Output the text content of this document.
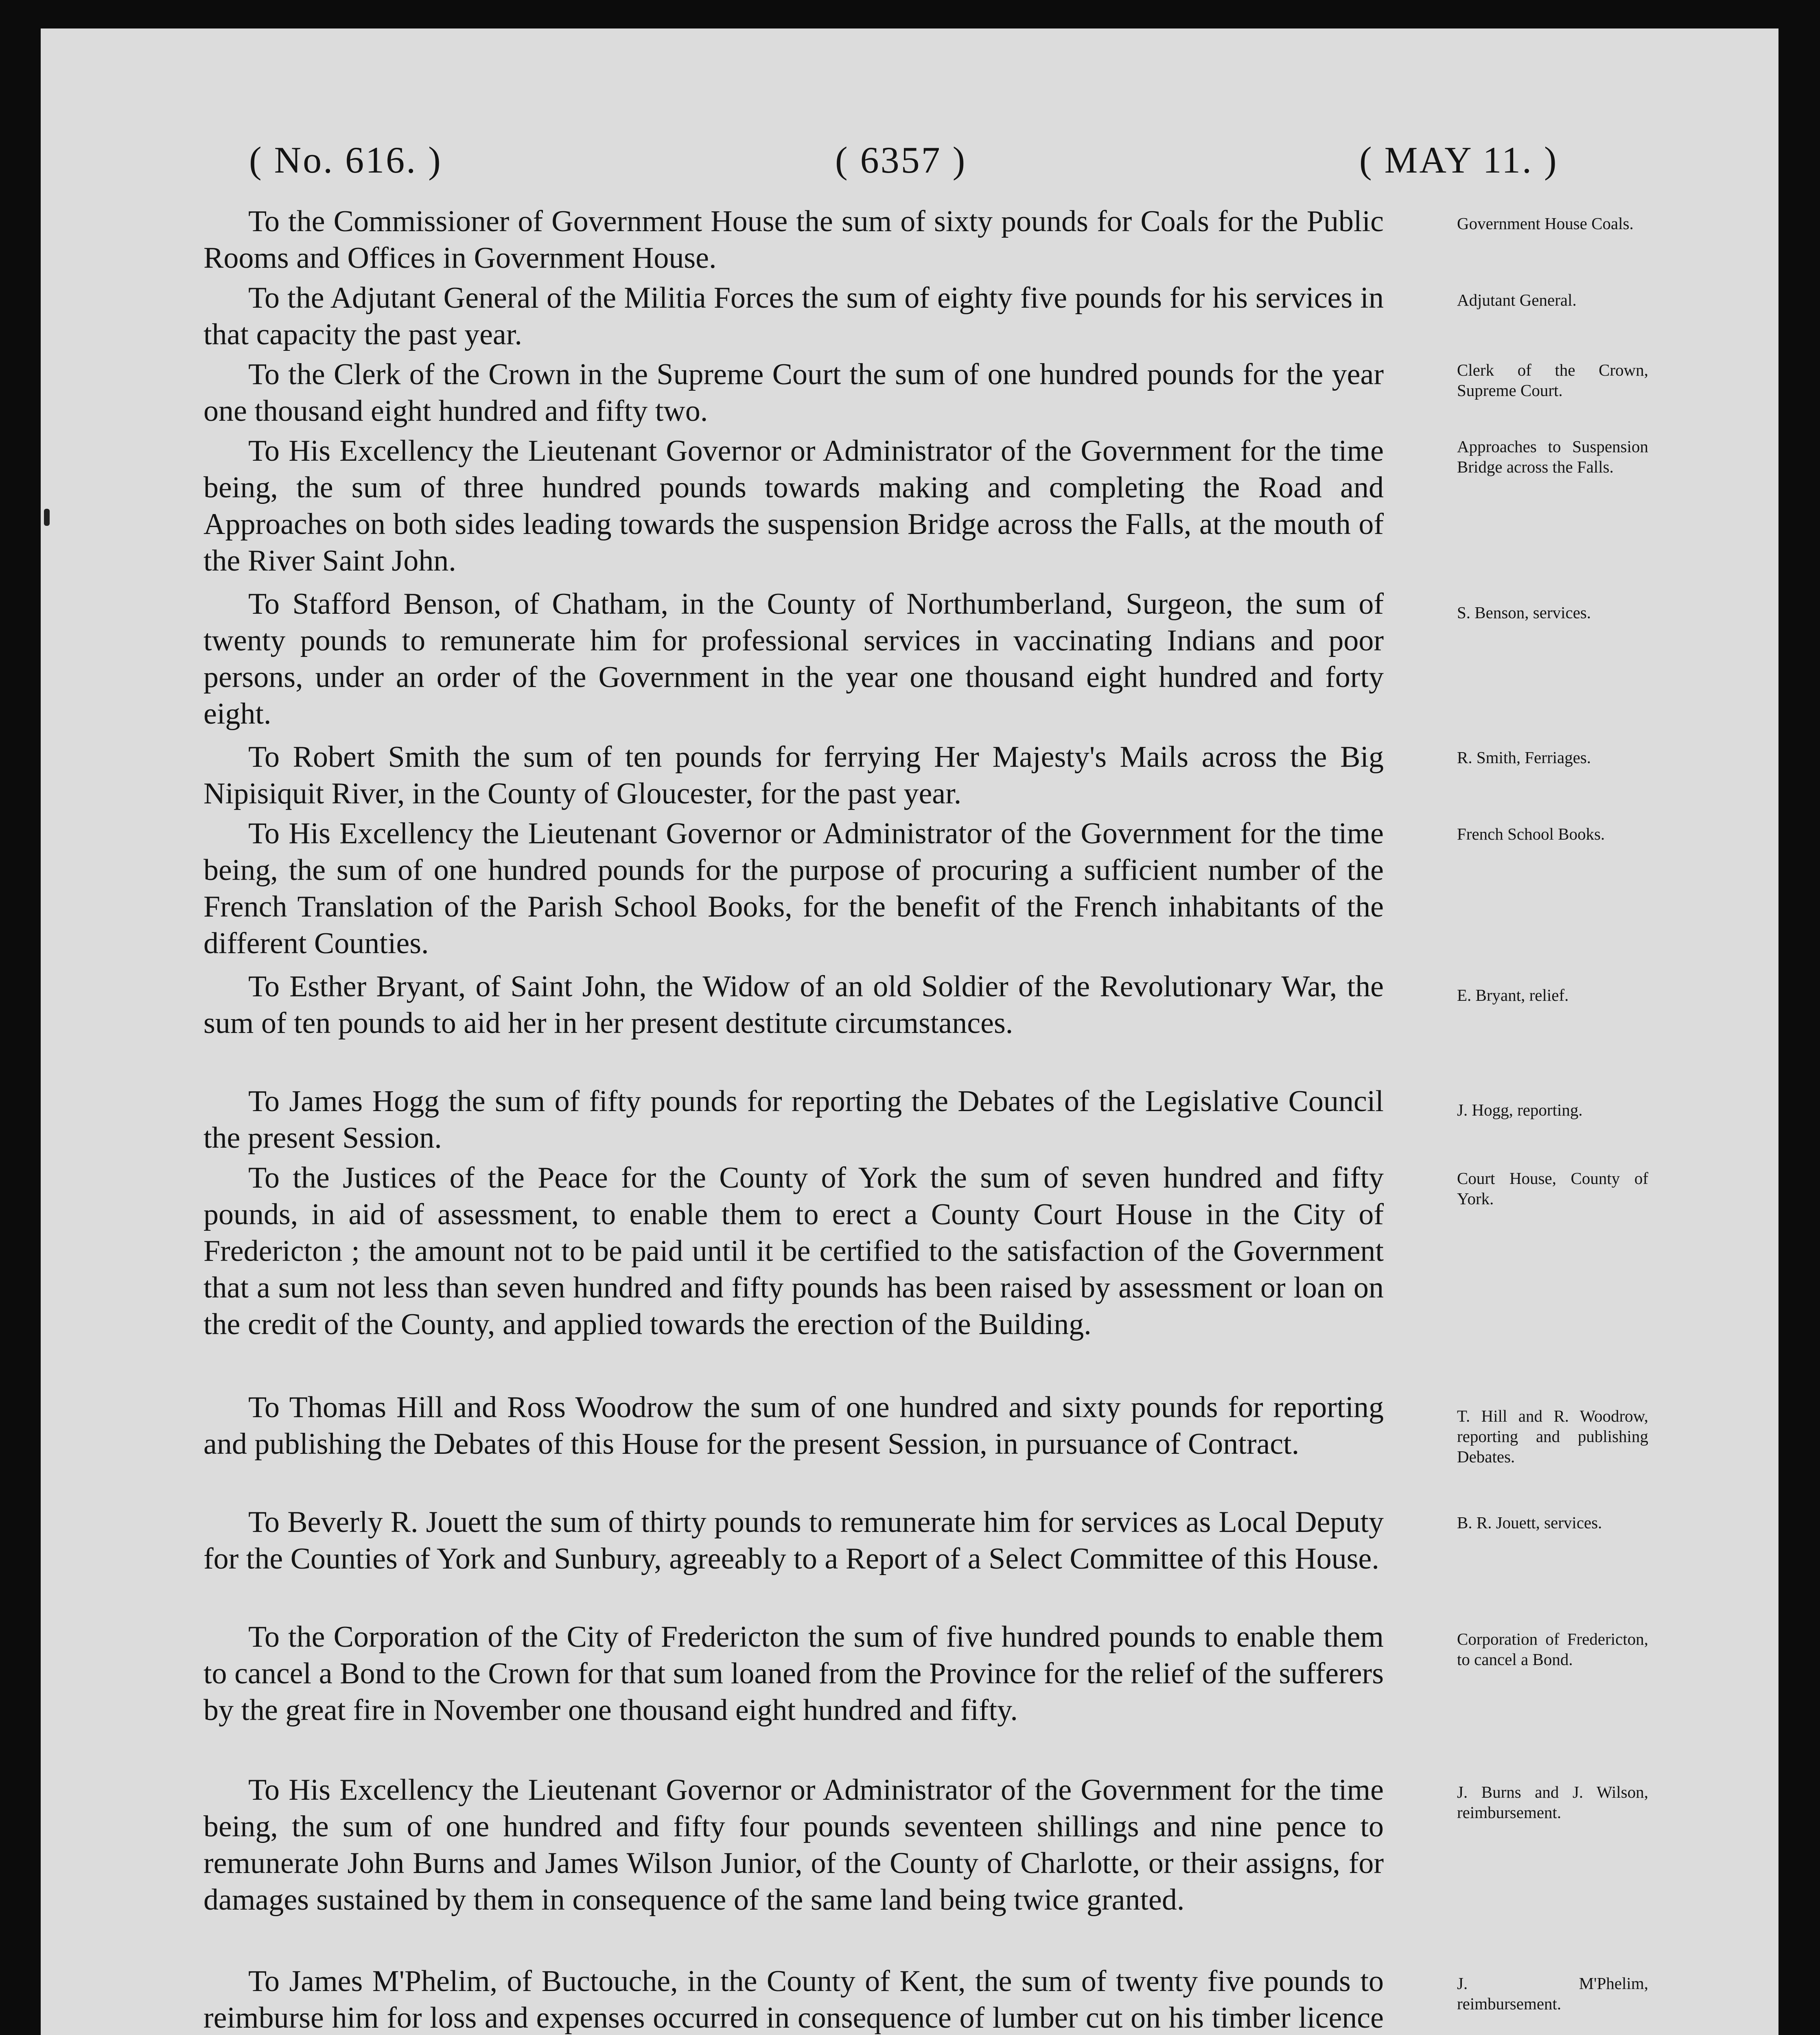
( No. 616. )	( 6357 )	( MAY 11. )

To the Commissioner of Government House the sum of sixty pounds for Coals for the Public Rooms and Offices in Government House.

Government House Coals.

To the Adjutant General of the Militia Forces the sum of eighty five pounds for his services in that capacity the past year.

Adjutant General.

To the Clerk of the Crown in the Supreme Court the sum of one hundred pounds for the year one thousand eight hundred and fifty two.

Clerk of the Crown, Supreme Court.

To His Excellency the Lieutenant Governor or Administrator of the Government for the time being, the sum of three hundred pounds towards making and completing the Road and Approaches on both sides leading towards the suspension Bridge across the Falls, at the mouth of the River Saint John.

Approaches to Suspension Bridge across the Falls.

To Stafford Benson, of Chatham, in the County of Northumberland, Surgeon, the sum of twenty pounds to remunerate him for professional services in vaccinating Indians and poor persons, under an order of the Government in the year one thousand eight hundred and forty eight.

S. Benson, services.

To Robert Smith the sum of ten pounds for ferrying Her Majesty's Mails across the Big Nipisiquit River, in the County of Gloucester, for the past year.

R. Smith, Ferriages.

To His Excellency the Lieutenant Governor or Administrator of the Government for the time being, the sum of one hundred pounds for the purpose of procuring a sufficient number of the French Translation of the Parish School Books, for the benefit of the French inhabitants of the different Counties.

French School Books.

To Esther Bryant, of Saint John, the Widow of an old Soldier of the Revolutionary War, the sum of ten pounds to aid her in her present destitute circumstances.

E. Bryant, relief.

To James Hogg the sum of fifty pounds for reporting the Debates of the Legislative Council the present Session.

J. Hogg, reporting.

To the Justices of the Peace for the County of York the sum of seven hundred and fifty pounds, in aid of assessment, to enable them to erect a County Court House in the City of Fredericton ; the amount not to be paid until it be certified to the satisfaction of the Government that a sum not less than seven hundred and fifty pounds has been raised by assessment or loan on the credit of the County, and applied towards the erection of the Building.

Court House, County of York.

To Thomas Hill and Ross Woodrow the sum of one hundred and sixty pounds for reporting and publishing the Debates of this House for the present Session, in pursuance of Contract.

T. Hill and R. Woodrow, reporting and publishing Debates.

To Beverly R. Jouett the sum of thirty pounds to remunerate him for services as Local Deputy for the Counties of York and Sunbury, agreeably to a Report of a Select Committee of this House.

B. R. Jouett, services.

To the Corporation of the City of Fredericton the sum of five hundred pounds to enable them to cancel a Bond to the Crown for that sum loaned from the Province for the relief of the sufferers by the great fire in November one thousand eight hundred and fifty.

Corporation of Fredericton, to cancel a Bond.

To His Excellency the Lieutenant Governor or Administrator of the Government for the time being, the sum of one hundred and fifty four pounds seventeen shillings and nine pence to remunerate John Burns and James Wilson Junior, of the County of Charlotte, or their assigns, for damages sustained by them in consequence of the same land being twice granted.

J. Burns and J. Wilson, reimbursement.

To James M'Phelim, of Buctouche, in the County of Kent, the sum of twenty five pounds to reimburse him for loss and expenses occurred in consequence of lumber cut on his timber licence

J. M'Phelim, reimbursement.
